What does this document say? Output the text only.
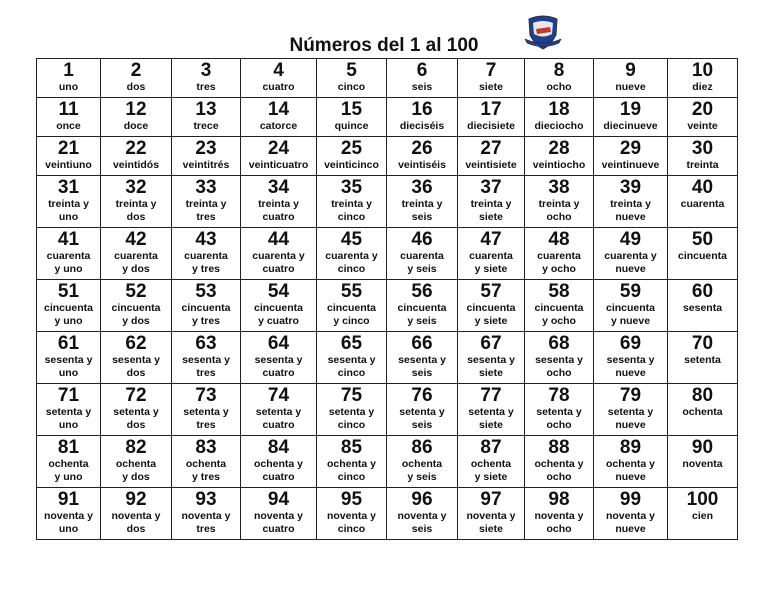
Números del 1 al 100
1
uno	2
dos	3
tres	4
cuatro	5
cinco	6
seis	7
siete	8
ocho	9
nueve	10
diez

11
once	12
doce	13
trece	14
catorce	15
quince	16
dieciséis	17
diecisiete	18
dieciocho	19
diecinueve	20
veinte

21
veintiuno	22
veintidós	23
veintitrés	24
veinticuatro	25
veinticinco	26
veintiséis	27
veintisiete	28
veintiocho	29
veintinueve	30
treinta

31
treinta y
uno	32
treinta y
dos	33
treinta y
tres	34
treinta y
cuatro	35
treinta y
cinco	36
treinta y
seis	37
treinta y
siete	38
treinta y
ocho	39
treinta y
nueve	40
cuarenta

41
cuarenta
y uno	42
cuarenta
y dos	43
cuarenta
y tres	44
cuarenta y
cuatro	45
cuarenta y
cinco	46
cuarenta
y seis	47
cuarenta
y siete	48
cuarenta
y ocho	49
cuarenta y
nueve	50
cincuenta

51
cincuenta
y uno	52
cincuenta
y dos	53
cincuenta
y tres	54
cincuenta
y cuatro	55
cincuenta
y cinco	56
cincuenta
y seis	57
cincuenta
y siete	58
cincuenta
y ocho	59
cincuenta
y nueve	60
sesenta

61
sesenta y
uno	62
sesenta y
dos	63
sesenta y
tres	64
sesenta y
cuatro	65
sesenta y
cinco	66
sesenta y
seis	67
sesenta y
siete	68
sesenta y
ocho	69
sesenta y
nueve	70
setenta

71
setenta y
uno	72
setenta y
dos	73
setenta y
tres	74
setenta y
cuatro	75
setenta y
cinco	76
setenta y
seis	77
setenta y
siete	78
setenta y
ocho	79
setenta y
nueve	80
ochenta

81
ochenta
y uno	82
ochenta
y dos	83
ochenta
y tres	84
ochenta y
cuatro	85
ochenta y
cinco	86
ochenta
y seis	87
ochenta
y siete	88
ochenta y
ocho	89
ochenta y
nueve	90
noventa

91
noventa y
uno	92
noventa y
dos	93
noventa y
tres	94
noventa y
cuatro	95
noventa y
cinco	96
noventa y
seis	97
noventa y
siete	98
noventa y
ocho	99
noventa y
nueve	100
cien
